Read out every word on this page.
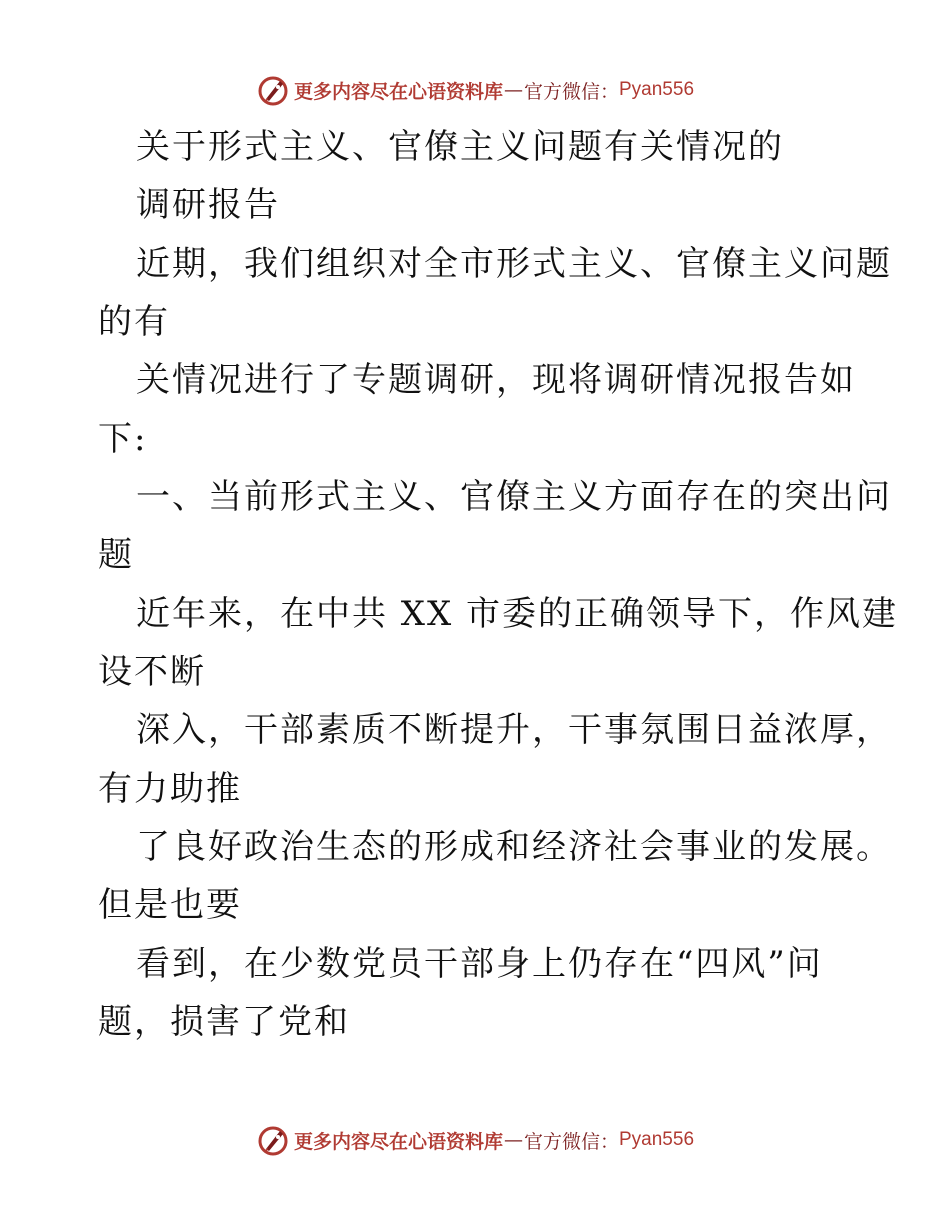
更多内容尽在心语资料库 — 官方微信： Pyan556
关于形式主义、官僚主义问题有关情况的
调研报告
近期，我们组织对全市形式主义、官僚主义问题
的有
关情况进行了专题调研，现将调研情况报告如
下:
一、当前形式主义、官僚主义方面存在的突出问
题
近年来，在中共 XX 市委的正确领导下，作风建
设不断
深入，干部素质不断提升，干事氛围日益浓厚，
有力助推
了良好政治生态的形成和经济社会事业的发展。
但是也要
看到，在少数党员干部身上仍存在“四风”问
题，损害了党和
更多内容尽在心语资料库 — 官方微信： Pyan556
